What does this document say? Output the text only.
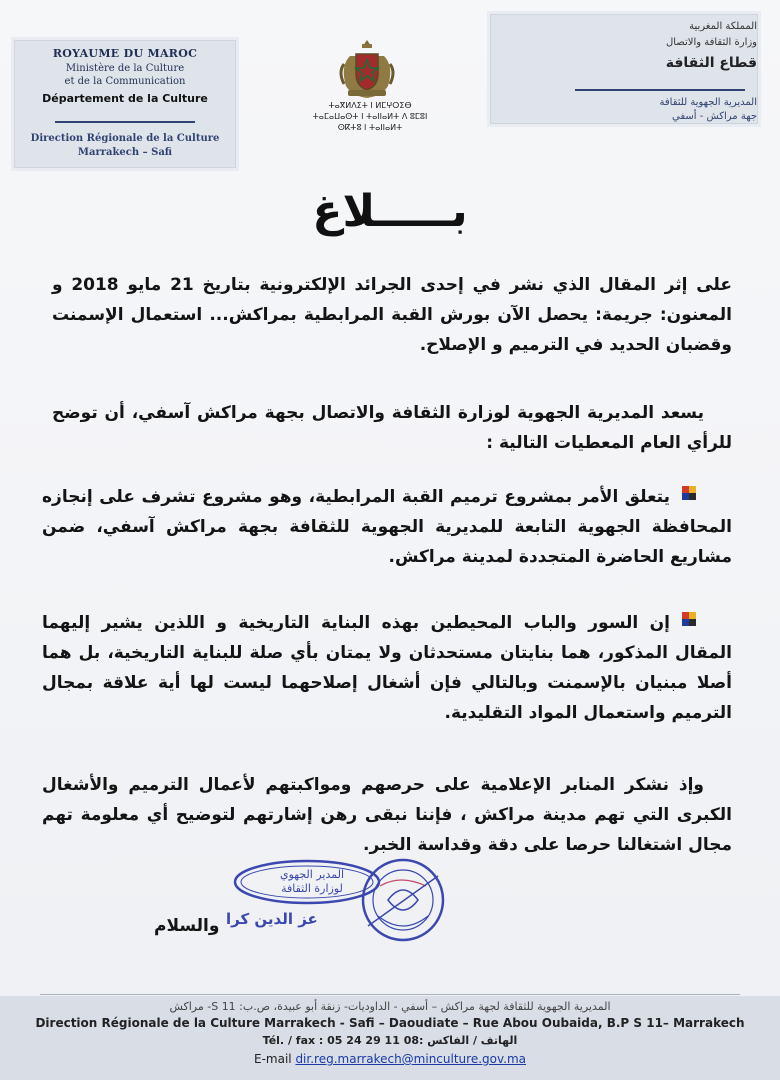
ROYAUME DU MAROC
Ministère de la Culture
et de la Communication
Département de la Culture
Direction Régionale de la Culture
Marrakech – Safi
ⵜⴰⴳⵍⴷⵉⵜ ⵏ ⵍⵎⵖⵔⵉⴱ
ⵜⴰⵎⴰⵡⴰⵙⵜ ⵏ ⵜⴰⵏⵏⴰⵍⵜ ⴷ ⵓⵎⵓⵏ
ⵙⴽⵜⵓ ⵏ ⵜⴰⵏⵏⴰⵍⵜ
المملكة المغربية
وزارة الثقافة والاتصال
قطاع الثقافة
المديرية الجهوية للثقافة
جهة مراكش - أسفي
بـــــلاغ
على إثر المقال الذي نشر في إحدى الجرائد الإلكترونية بتاريخ 21 مايو 2018 و المعنون: جريمة: يحصل الآن بورش القبة المرابطية بمراكش... استعمال الإسمنت وقضبان الحديد في الترميم و الإصلاح.
يسعد المديرية الجهوية لوزارة الثقافة والاتصال بجهة مراكش آسفي، أن توضح للرأي العام المعطيات التالية :
يتعلق الأمر بمشروع ترميم القبة المرابطية، وهو مشروع تشرف على إنجازه المحافظة الجهوية التابعة للمديرية الجهوية للثقافة بجهة مراكش آسفي، ضمن مشاريع الحاضرة المتجددة لمدينة مراكش.
إن السور والباب المحيطين بهذه البناية التاريخية و اللذين يشير إليهما المقال المذكور، هما بنايتان مستحدثان ولا يمتان بأي صلة للبناية التاريخية، بل هما أصلا مبنيان بالإسمنت وبالتالي فإن أشغال إصلاحهما ليست لها أية علاقة بمجال الترميم واستعمال المواد التقليدية.
وإذ نشكر المنابر الإعلامية على حرصهم ومواكبتهم لأعمال الترميم والأشغال الكبرى التي تهم مدينة مراكش ، فإننا نبقى رهن إشارتهم لتوضيح أي معلومة تهم مجال اشتغالنا حرصا على دقة وقداسة الخبر.
المدير الجهوي
لوزارة الثقافة
عز الدين كرا
والسلام
المديرية الجهوية للثقافة لجهة مراكش – أسفي - الداوديات- زنقة أبو عبيدة، ص.ب: 11 S- مراكش
Direction Régionale de la Culture Marrakech - Safi – Daoudiate – Rue Abou Oubaida, B.P S 11– Marrakech
Tél. / fax : 05 24 29 11 08: الهاتف / الفاكس
E-mail dir.reg.marrakech@minculture.gov.ma
